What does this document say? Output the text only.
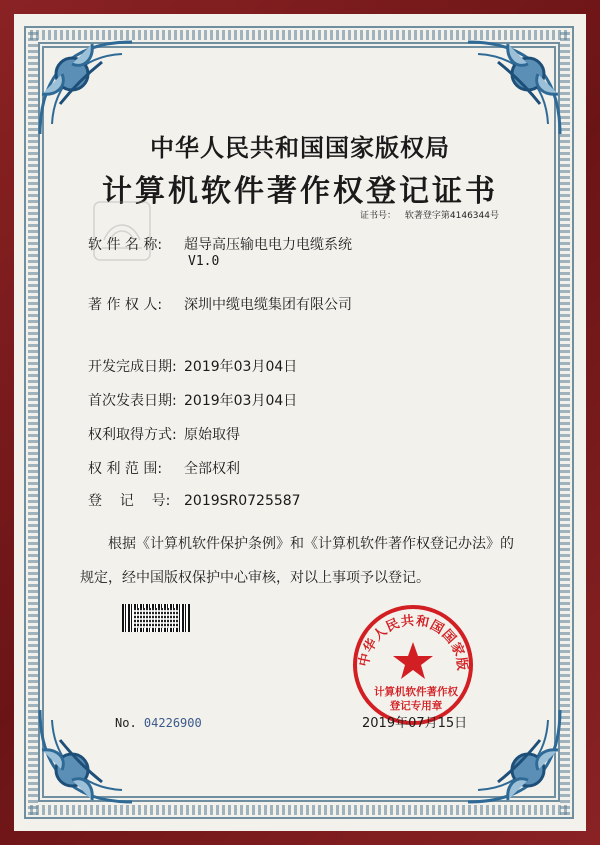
中华人民共和国国家版权局
计算机软件著作权登记证书
证书号： 软著登字第4146344号
软 件 名 称: 超导高压输电电力电缆系统
V1.0
著 作 权 人: 深圳中缆电缆集团有限公司
开发完成日期: 2019年03月04日
首次发表日期: 2019年03月04日
权利取得方式: 原始取得
权 利 范 围: 全部权利
登    记    号: 2019SR0725587
根据《计算机软件保护条例》和《计算机软件著作权登记办法》的
规定，经中国版权保护中心审核，对以上事项予以登记。
No. 04226900
中华人民共和国国家版
计算机软件著作权
登记专用章
2019年07月15日
